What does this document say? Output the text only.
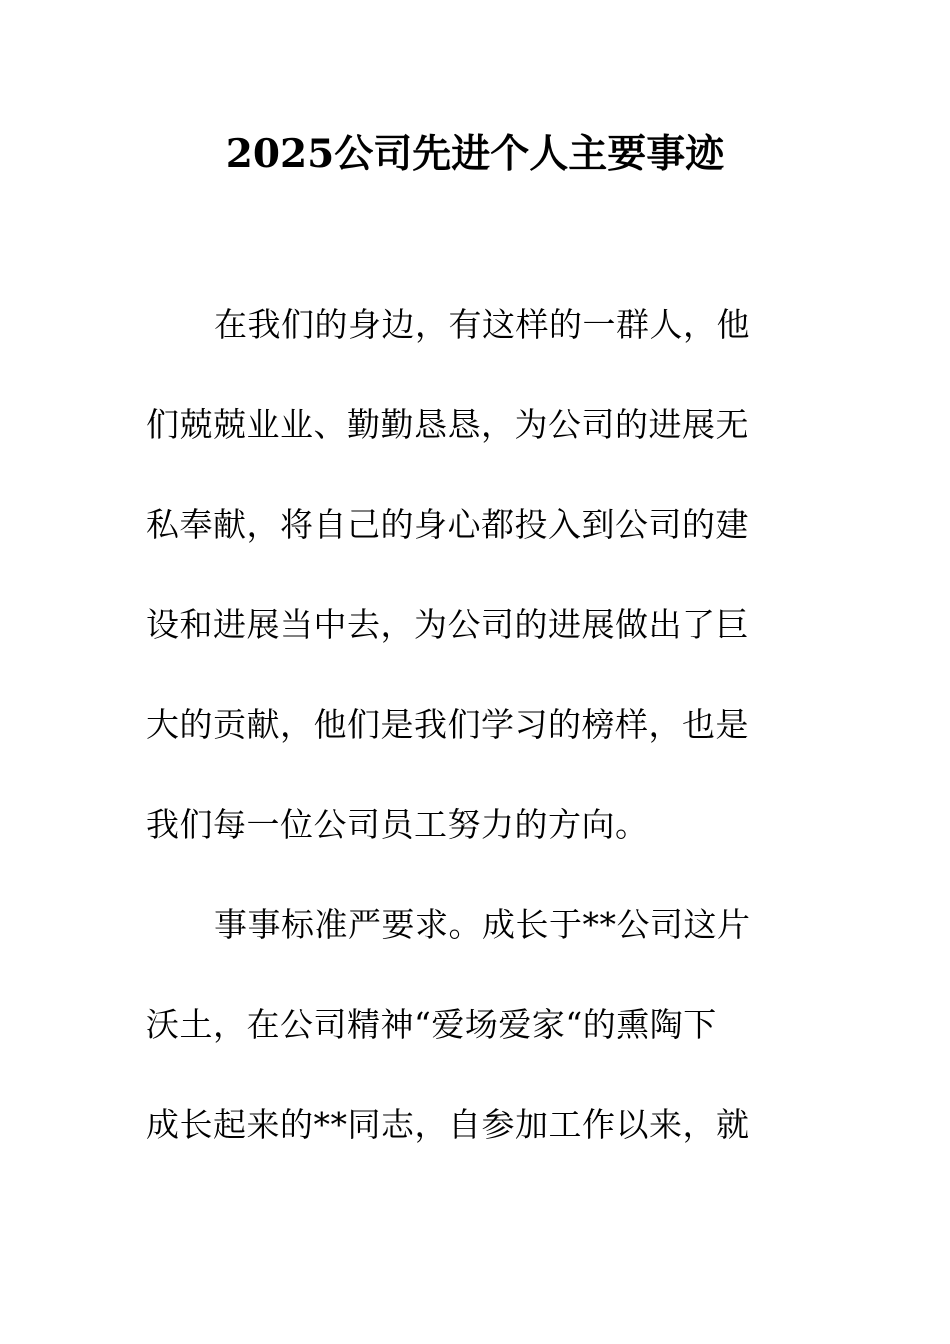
2025公司先进个人主要事迹
在我们的身边，有这样的一群人，他
们兢兢业业、勤勤恳恳，为公司的进展无
私奉献，将自己的身心都投入到公司的建
设和进展当中去，为公司的进展做出了巨
大的贡献，他们是我们学习的榜样，也是
我们每一位公司员工努力的方向。
事事标准严要求。成长于**公司这片
沃土，在公司精神“爱场爱家“的熏陶下
成长起来的**同志，自参加工作以来，就
